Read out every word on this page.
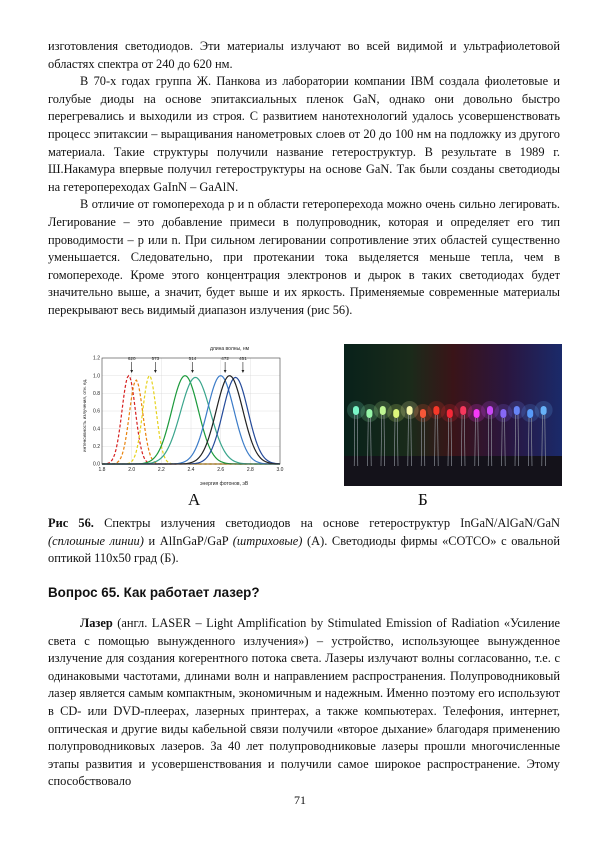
изготовления светодиодов. Эти материалы излучают во всей видимой и ультрафиолетовой областях спектра от 240 до 620 нм.

В 70-х годах группа Ж. Панкова из лаборатории компании IBM создала фиолетовые и голубые диоды на основе эпитаксиальных пленок GaN, однако они довольно быстро перегревались и выходили из строя. С развитием нанотехнологий удалось усовершенствовать процесс эпитаксии – выращивания нанометровых слоев от 20 до 100 нм на подложку из другого материала. Такие структуры получили название гетероструктур. В результате в 1989 г. Ш.Накамура впервые получил гетероструктуры на основе GaN. Так были созданы светодиоды на гетеропереходах GaInN – GaAlN.

В отличие от гомоперехода p и n области гетероперехода можно очень сильно легировать. Легирование – это добавление примеси в полупроводник, которая и определяет его тип проводимости – p или n. При сильном легировании сопротивление этих областей существенно уменьшается. Следовательно, при протекании тока выделяется меньше тепла, чем в гомопереходе. Кроме этого концентрация электронов и дырок в таких светодиодах будет значительно выше, а значит, будет выше и их яркость. Применяемые современные материалы перекрывают весь видимый диапазон излучения (рис 56).

1.8	2.0	2.2	2.4	2.6	2.8	3.0
0.0
0.2
0.4
0.6
0.8
1.0
1.2	620	573	514	472 451
длина волны, нм
энергия фотонов, эВ
интенсивность излучения, отн. ед.
А	Б
Рис 56. Спектры излучения светодиодов на основе гетероструктур InGaN/AlGaN/GaN (сплошные линии) и AlInGaP/GaP (штриховые) (А). Светодиоды фирмы «COTCO» с овальной оптикой 110x50 град (Б).
Вопрос 65. Как работает лазер?

Лазер (англ. LASER – Light Amplification by Stimulated Emission of Radiation «Усиление света с помощью вынужденного излучения») – устройство, использующее вынужденное излучение для создания когерентного потока света. Лазеры излучают волны согласованно, т.е. с одинаковыми частотами, длинами волн и направлением распространения. Полупроводниковый лазер является самым компактным, экономичным и надежным. Именно поэтому его используют в CD- или DVD-плеерах, лазерных принтерах, а также компьютерах. Телефония, интернет, оптическая и другие виды кабельной связи получили «второе дыхание» благодаря применению полупроводниковых лазеров. За 40 лет полупроводниковые лазеры прошли многочисленные этапы развития и усовершенствования и получили самое широкое распространение. Этому способствовало

71
